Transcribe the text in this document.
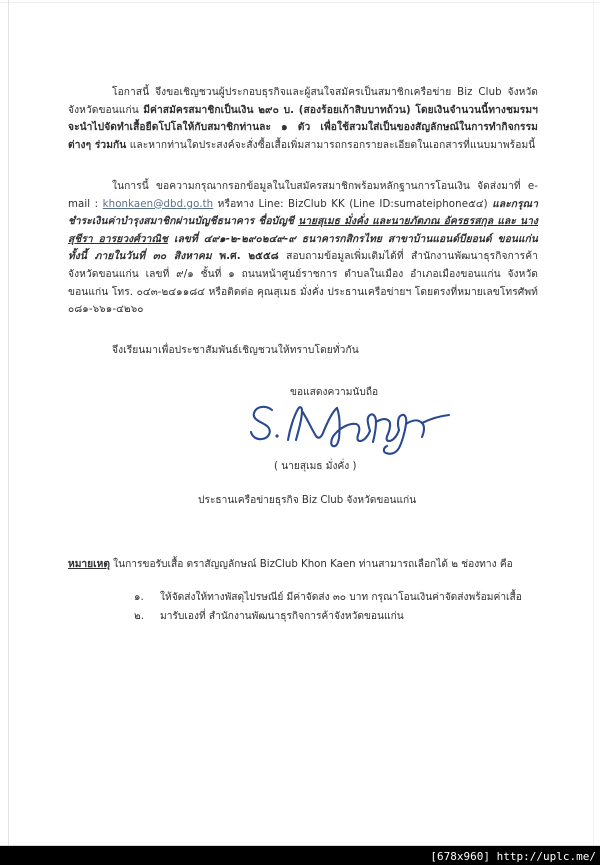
โอกาสนี้ จึงขอเชิญชวนผู้ประกอบธุรกิจและผู้สนใจสมัครเป็นสมาชิกเครือข่าย Biz Club จังหวัดจังหวัดขอนแก่น มีค่าสมัครสมาชิกเป็นเงิน ๒๙๐ บ. (สองร้อยเก้าสิบบาทถ้วน) โดยเงินจำนวนนี้ทางชมรมฯ จะนำไปจัดทำเสื้อยืดโปโลให้กับสมาชิกท่านละ ๑ ตัว เพื่อใช้สวมใส่เป็นของสัญลักษณ์ในการทำกิจกรรมต่างๆ ร่วมกัน และหากท่านใดประสงค์จะสั่งซื้อเสื้อเพิ่มสามารถกรอกรายละเอียดในเอกสารที่แนบมาพร้อมนี้

ในการนี้ ขอความกรุณากรอกข้อมูลในใบสมัครสมาชิกพร้อมหลักฐานการโอนเงิน จัดส่งมาที่ e-mail : khonkaen@dbd.go.th หรือทาง Line: BizClub KK (Line ID:sumateiphone๕๔) และกรุณาชำระเงินค่าบำรุงสมาชิกผ่านบัญชีธนาคาร ชื่อบัญชี นายสุเมธ มั่งคั่ง และนายภัตภณ อัครธรสกุล และ นางสุชีรา อารยวงศ์วาณิช เลขที่ ๔๙๑-๒-๒๙๐๒๔๙-๙ ธนาคารกสิกรไทย สาขาบ้านแอนด์บียอนด์ ขอนแก่น ทั้งนี้ ภายในวันที่ ๓๐ สิงหาคม พ.ศ. ๒๕๕๘ สอบถามข้อมูลเพิ่มเติมได้ที่ สำนักงานพัฒนาธุรกิจการค้าจังหวัดขอนแก่น เลขที่ ๙/๑ ชั้นที่ ๑ ถนนหน้าศูนย์ราชการ ตำบลในเมือง อำเภอเมืองขอนแก่น จังหวัดขอนแก่น โทร. ๐๔๓-๒๔๑๑๘๔ หรือติดต่อ คุณสุเมธ มั่งคั่ง ประธานเครือข่ายฯ โดยตรงที่หมายเลขโทรศัพท์ ๐๘๑-๖๖๑-๔๒๖๐

จึงเรียนมาเพื่อประชาสัมพันธ์เชิญชวนให้ทราบโดยทั่วกัน

ขอแสดงความนับถือ
( นายสุเมธ มั่งคั่ง )
ประธานเครือข่ายธุรกิจ Biz Club จังหวัดขอนแก่น
หมายเหตุ ในการขอรับเสื้อ ตราสัญญลักษณ์ BizClub Khon Kaen ท่านสามารถเลือกได้ ๒ ช่องทาง คือ
๑.	ให้จัดส่งให้ทางพัสดุไปรษณีย์ มีค่าจัดส่ง ๓๐ บาท กรุณาโอนเงินค่าจัดส่งพร้อมค่าเสื้อ
๒.	มารับเองที่ สำนักงานพัฒนาธุรกิจการค้าจังหวัดขอนแก่น
[678x960] http://uplc.me/
